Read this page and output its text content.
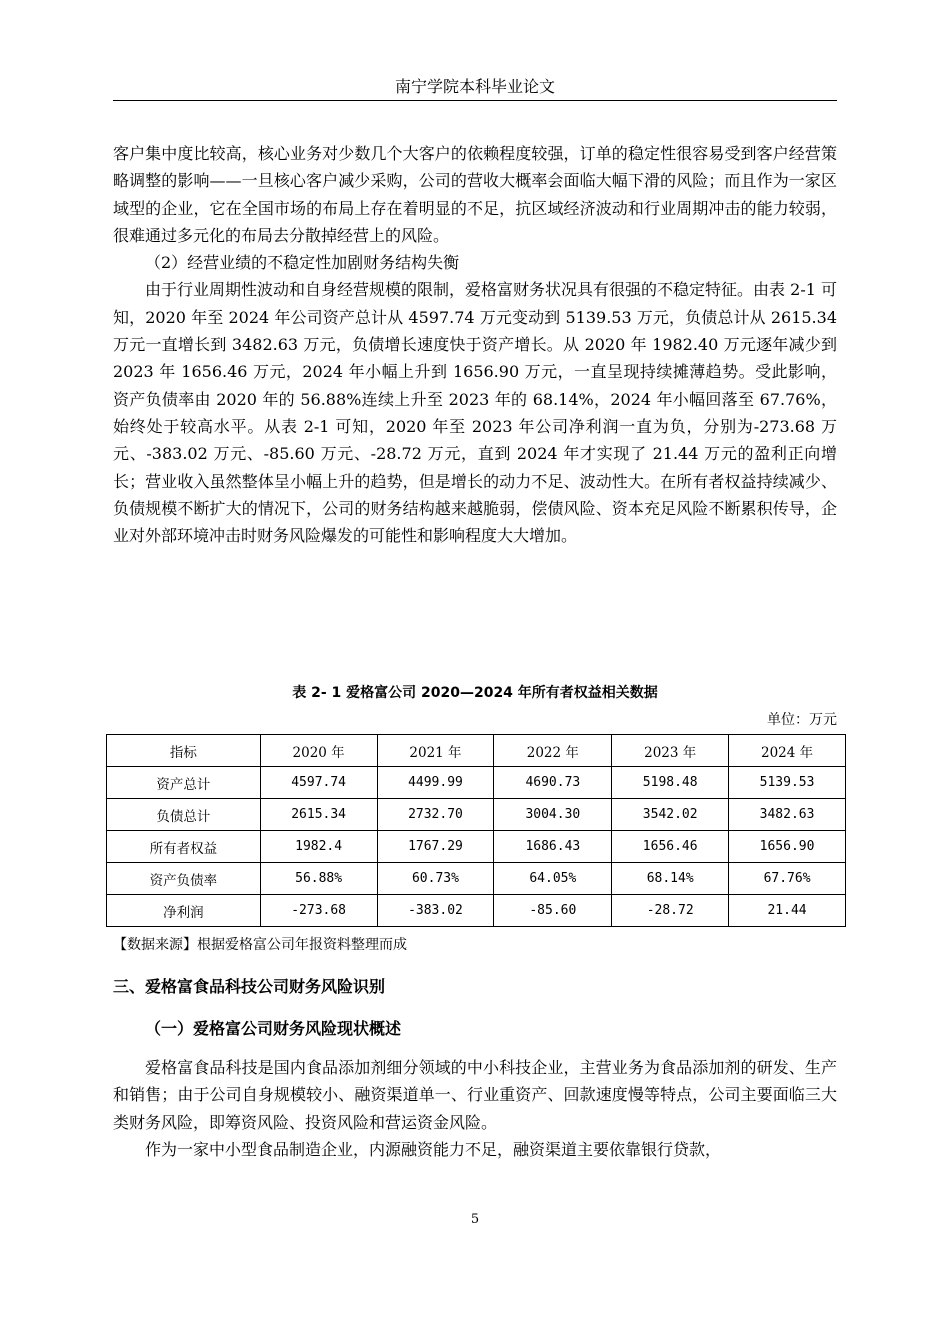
南宁学院本科毕业论文

客户集中度比较高，核心业务对少数几个大客户的依赖程度较强，订单的稳定性很容易受到客户经营策略调整的影响——一旦核心客户减少采购，公司的营收大概率会面临大幅下滑的风险；而且作为一家区域型的企业，它在全国市场的布局上存在着明显的不足，抗区域经济波动和行业周期冲击的能力较弱，很难通过多元化的布局去分散掉经营上的风险。

（2）经营业绩的不稳定性加剧财务结构失衡

由于行业周期性波动和自身经营规模的限制，爱格富财务状况具有很强的不稳定特征。由表 2-1 可知，2020 年至 2024 年公司资产总计从 4597.74 万元变动到 5139.53 万元，负债总计从 2615.34 万元一直增长到 3482.63 万元，负债增长速度快于资产增长。从 2020 年 1982.40 万元逐年减少到 2023 年 1656.46 万元，2024 年小幅上升到 1656.90 万元，一直呈现持续摊薄趋势。受此影响，资产负债率由 2020 年的 56.88%连续上升至 2023 年的 68.14%，2024 年小幅回落至 67.76%，始终处于较高水平。从表 2-1 可知，2020 年至 2023 年公司净利润一直为负，分别为-273.68 万元、-383.02 万元、-85.60 万元、-28.72 万元，直到 2024 年才实现了 21.44 万元的盈利正向增长；营业收入虽然整体呈小幅上升的趋势，但是增长的动力不足、波动性大。在所有者权益持续减少、负债规模不断扩大的情况下，公司的财务结构越来越脆弱，偿债风险、资本充足风险不断累积传导，企业对外部环境冲击时财务风险爆发的可能性和影响程度大大增加。

表 2- 1 爱格富公司 2020—2024 年所有者权益相关数据
单位：万元
指标	2020 年	2021 年	2022 年	2023 年	2024 年
资产总计	4597.74	4499.99	4690.73	5198.48	5139.53
负债总计	2615.34	2732.70	3004.30	3542.02	3482.63
所有者权益	1982.4	1767.29	1686.43	1656.46	1656.90
资产负债率	56.88%	60.73%	64.05%	68.14%	67.76%
净利润	-273.68	-383.02	-85.60	-28.72	21.44
【数据来源】根据爱格富公司年报资料整理而成
三、爱格富食品科技公司财务风险识别
（一）爱格富公司财务风险现状概述

爱格富食品科技是国内食品添加剂细分领域的中小科技企业，主营业务为食品添加剂的研发、生产和销售；由于公司自身规模较小、融资渠道单一、行业重资产、回款速度慢等特点，公司主要面临三大类财务风险，即筹资风险、投资风险和营运资金风险。

作为一家中小型食品制造企业，内源融资能力不足，融资渠道主要依靠银行贷款，

5
